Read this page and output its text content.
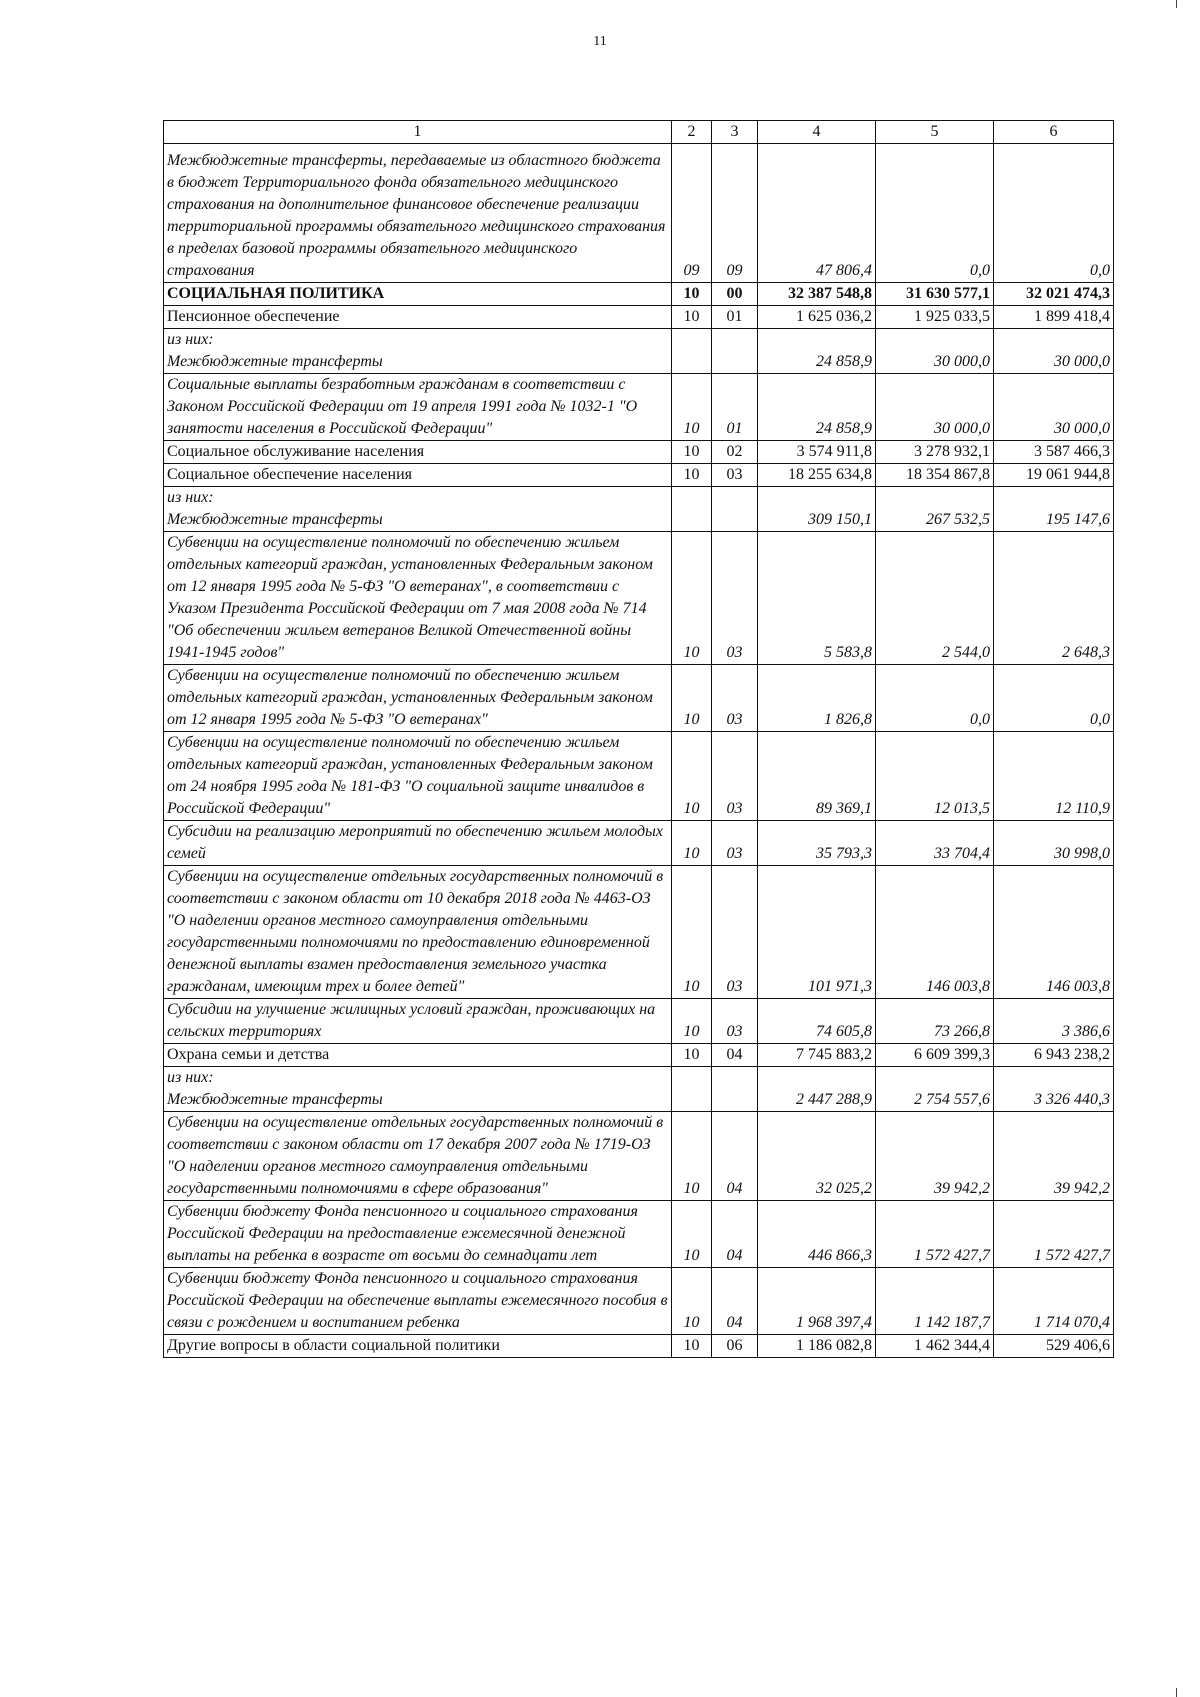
11
1	2	3	4	5	6
Межбюджетные трансферты, передаваемые из областного бюджета в бюджет Территориального фонда обязательного медицинского страхования на дополнительное финансовое обеспечение реализации территориальной программы обязательного медицинского страхования в пределах базовой программы обязательного медицинского страхования	09	09	47 806,4	0,0	0,0
СОЦИАЛЬНАЯ ПОЛИТИКА	10	00	32 387 548,8	31 630 577,1	32 021 474,3
Пенсионное обеспечение	10	01	1 625 036,2	1 925 033,5	1 899 418,4
из них:
Межбюджетные трансферты			24 858,9	30 000,0	30 000,0
Социальные выплаты безработным гражданам в соответствии с Законом Российской Федерации от 19 апреля 1991 года № 1032-1 "О занятости населения в Российской Федерации"	10	01	24 858,9	30 000,0	30 000,0
Социальное обслуживание населения	10	02	3 574 911,8	3 278 932,1	3 587 466,3
Социальное обеспечение населения	10	03	18 255 634,8	18 354 867,8	19 061 944,8
из них:
Межбюджетные трансферты			309 150,1	267 532,5	195 147,6
Субвенции на осуществление полномочий по обеспечению жильем отдельных категорий граждан, установленных Федеральным законом от 12 января 1995 года № 5-ФЗ "О ветеранах", в соответствии с Указом Президента Российской Федерации от 7 мая 2008 года № 714 "Об обеспечении жильем ветеранов Великой Отечественной войны 1941-1945 годов"	10	03	5 583,8	2 544,0	2 648,3
Субвенции на осуществление полномочий по обеспечению жильем отдельных категорий граждан, установленных Федеральным законом от 12 января 1995 года № 5-ФЗ "О ветеранах"	10	03	1 826,8	0,0	0,0
Субвенции на осуществление полномочий по обеспечению жильем отдельных категорий граждан, установленных Федеральным законом от 24 ноября 1995 года № 181-ФЗ "О социальной защите инвалидов в Российской Федерации"	10	03	89 369,1	12 013,5	12 110,9
Субсидии на реализацию мероприятий по обеспечению жильем молодых семей	10	03	35 793,3	33 704,4	30 998,0
Субвенции на осуществление отдельных государственных полномочий в соответствии с законом области от 10 декабря 2018 года № 4463-ОЗ "О наделении органов местного самоуправления отдельными государственными полномочиями по предоставлению единовременной денежной выплаты взамен предоставления земельного участка гражданам, имеющим трех и более детей"	10	03	101 971,3	146 003,8	146 003,8
Субсидии на улучшение жилищных условий граждан, проживающих на сельских территориях	10	03	74 605,8	73 266,8	3 386,6
Охрана семьи и детства	10	04	7 745 883,2	6 609 399,3	6 943 238,2
из них:
Межбюджетные трансферты			2 447 288,9	2 754 557,6	3 326 440,3
Субвенции на осуществление отдельных государственных полномочий в соответствии с законом области от 17 декабря 2007 года № 1719-ОЗ "О наделении органов местного самоуправления отдельными государственными полномочиями в сфере образования"	10	04	32 025,2	39 942,2	39 942,2
Субвенции бюджету Фонда пенсионного и социального страхования Российской Федерации на предоставление ежемесячной денежной выплаты на ребенка в возрасте от восьми до семнадцати лет	10	04	446 866,3	1 572 427,7	1 572 427,7
Субвенции бюджету Фонда пенсионного и социального страхования Российской Федерации на обеспечение выплаты ежемесячного пособия в связи с рождением и воспитанием ребенка	10	04	1 968 397,4	1 142 187,7	1 714 070,4
Другие вопросы в области социальной политики	10	06	1 186 082,8	1 462 344,4	529 406,6
